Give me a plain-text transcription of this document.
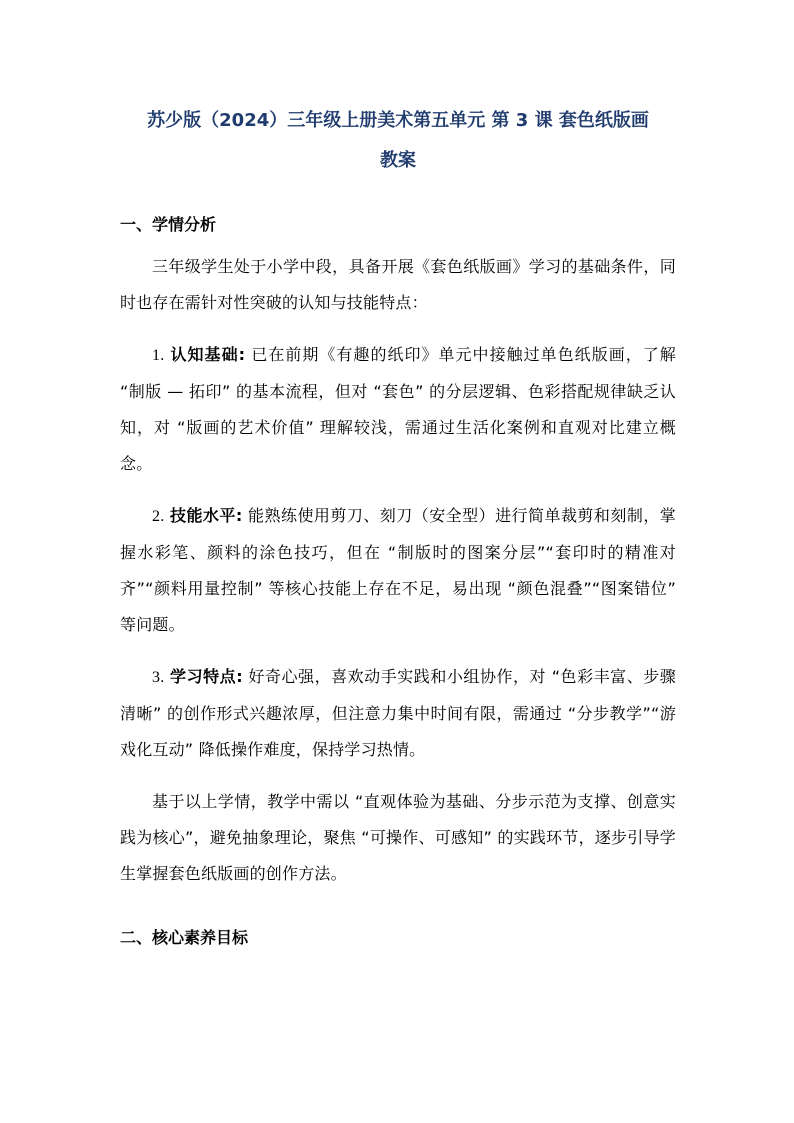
苏少版（2024）三年级上册美术第五单元 第 3 课 套色纸版画
教案

一、学情分析

三年级学生处于小学中段，具备开展《套色纸版画》学习的基础条件，同时也存在需针对性突破的认知与技能特点：

1. 认知基础: 已在前期《有趣的纸印》单元中接触过单色纸版画，了解 “制版 — 拓印” 的基本流程，但对 “套色” 的分层逻辑、色彩搭配规律缺乏认知，对 “版画的艺术价值” 理解较浅，需通过生活化案例和直观对比建立概念。

2. 技能水平: 能熟练使用剪刀、刻刀（安全型）进行简单裁剪和刻制，掌握水彩笔、颜料的涂色技巧，但在 “制版时的图案分层”“套印时的精准对齐”“颜料用量控制” 等核心技能上存在不足，易出现 “颜色混叠”“图案错位” 等问题。

3. 学习特点: 好奇心强，喜欢动手实践和小组协作，对 “色彩丰富、步骤清晰” 的创作形式兴趣浓厚，但注意力集中时间有限，需通过 “分步教学”“游戏化互动” 降低操作难度，保持学习热情。

基于以上学情，教学中需以 “直观体验为基础、分步示范为支撑、创意实践为核心”，避免抽象理论，聚焦 “可操作、可感知” 的实践环节，逐步引导学生掌握套色纸版画的创作方法。

二、核心素养目标
